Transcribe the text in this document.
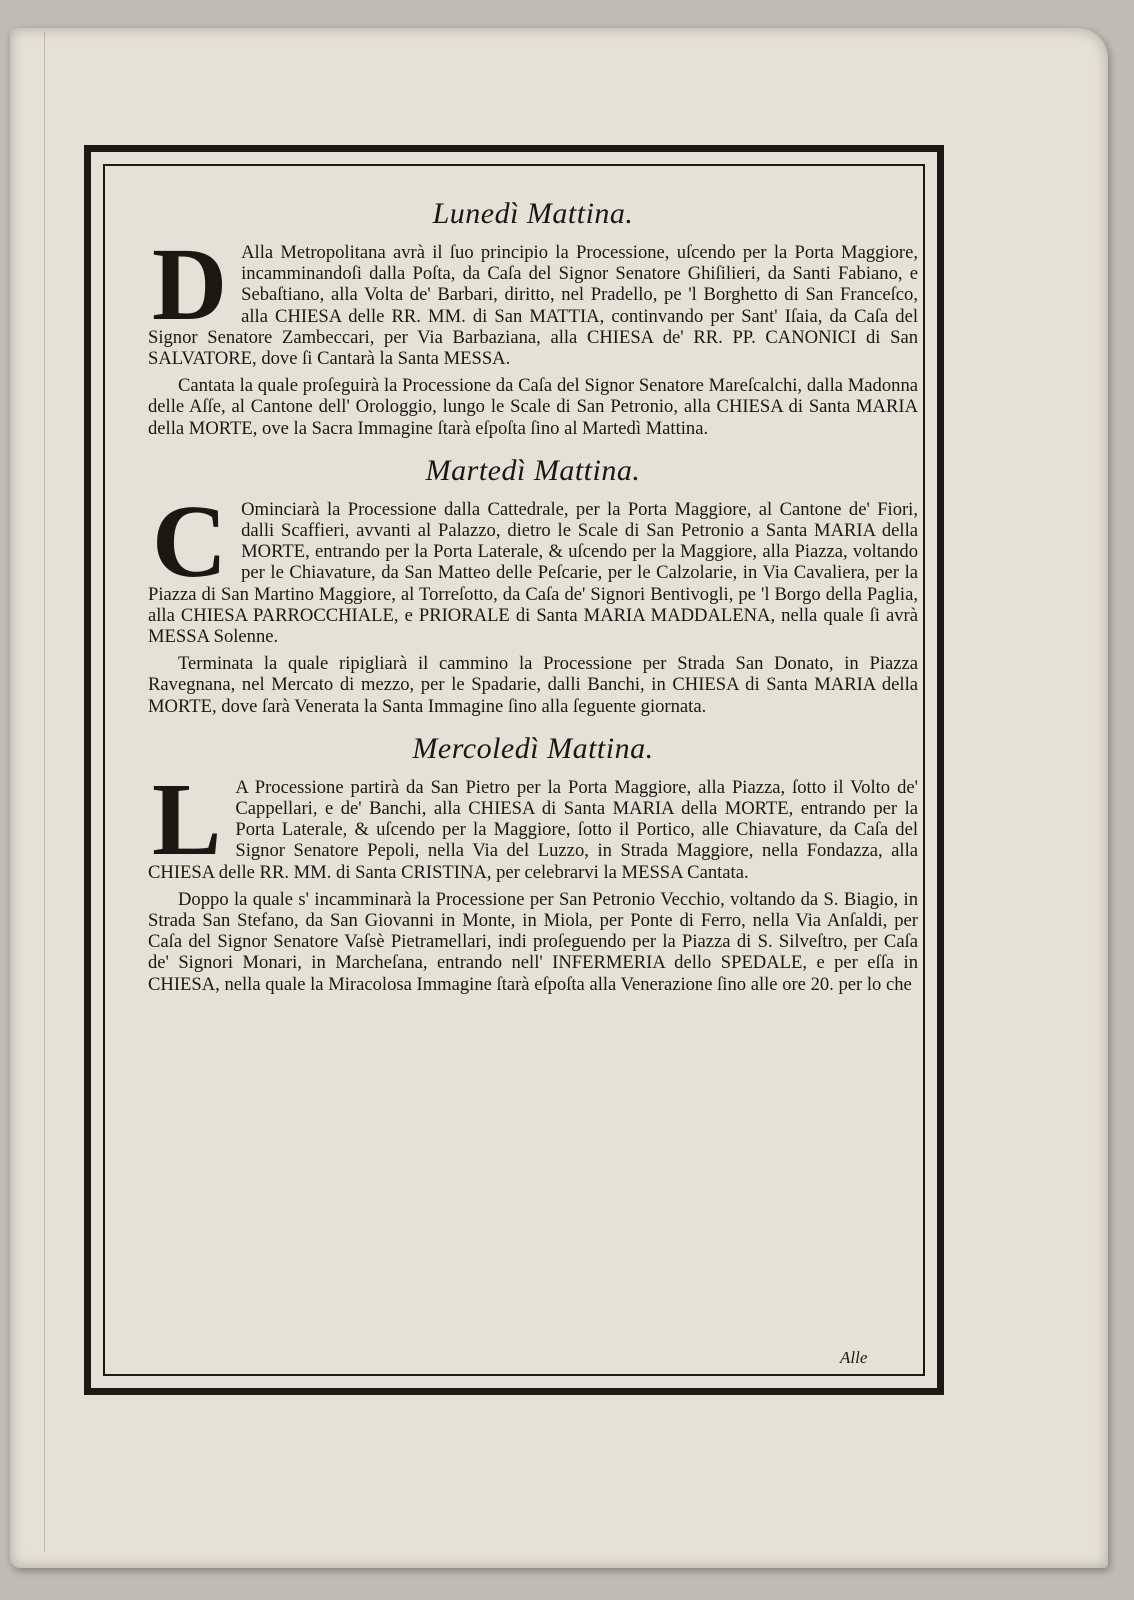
Lunedì Mattina.
D Alla Metropolitana avrà il ſuo principio la Processione, uſcendo per la Porta Maggiore, incamminandoſi dalla Poſta, da Caſa del Signor Senatore Ghiſilieri, da Santi Fabiano, e Sebaſtiano, alla Volta de' Barbari, diritto, nel Pradello, pe 'l Borghetto di San Franceſco, alla CHIESA delle RR. MM. di San MATTIA, continvando per Sant' Iſaia, da Caſa del Signor Senatore Zambeccari, per Via Barbaziana, alla CHIESA de' RR. PP. CANONICI di San SALVATORE, dove ſi Cantarà la Santa MESSA.

Cantata la quale proſeguirà la Processione da Caſa del Signor Senatore Mareſcalchi, dalla Madonna delle Aſſe, al Cantone dell' Orologgio, lungo le Scale di San Petronio, alla CHIESA di Santa MARIA della MORTE, ove la Sacra Immagine ſtarà eſpoſta ſino al Martedì Mattina.

Martedì Mattina.
C Ominciarà la Processione dalla Cattedrale, per la Porta Maggiore, al Cantone de' Fiori, dalli Scaffieri, avvanti al Palazzo, dietro le Scale di San Petronio a Santa MARIA della MORTE, entrando per la Porta Laterale, & uſcendo per la Maggiore, alla Piazza, voltando per le Chiavature, da San Matteo delle Peſcarie, per le Calzolarie, in Via Cavaliera, per la Piazza di San Martino Maggiore, al Torreſotto, da Caſa de' Signori Bentivogli, pe 'l Borgo della Paglia, alla CHIESA PARROCCHIALE, e PRIORALE di Santa MARIA MADDALENA, nella quale ſi avrà MESSA Solenne.

Terminata la quale ripigliarà il cammino la Processione per Strada San Donato, in Piazza Ravegnana, nel Mercato di mezzo, per le Spadarie, dalli Banchi, in CHIESA di Santa MARIA della MORTE, dove ſarà Venerata la Santa Immagine ſino alla ſeguente giornata.

Mercoledì Mattina.
L A Processione partirà da San Pietro per la Porta Maggiore, alla Piazza, ſotto il Volto de' Cappellari, e de' Banchi, alla CHIESA di Santa MARIA della MORTE, entrando per la Porta Laterale, & uſcendo per la Maggiore, ſotto il Portico, alle Chiavature, da Caſa del Signor Senatore Pepoli, nella Via del Luzzo, in Strada Maggiore, nella Fondazza, alla CHIESA delle RR. MM. di Santa CRISTINA, per celebrarvi la MESSA Cantata.

Doppo la quale s' incamminarà la Processione per San Petronio Vecchio, voltando da S. Biagio, in Strada San Stefano, da San Giovanni in Monte, in Miola, per Ponte di Ferro, nella Via Anſaldi, per Caſa del Signor Senatore Vaſsè Pietramellari, indi proſeguendo per la Piazza di S. Silveſtro, per Caſa de' Signori Monari, in Marcheſana, entrando nell' INFERMERIA dello SPEDALE, e per eſſa in CHIESA, nella quale la Miracolosa Immagine ſtarà eſpoſta alla Venerazione ſino alle ore 20. per lo che

Alle
